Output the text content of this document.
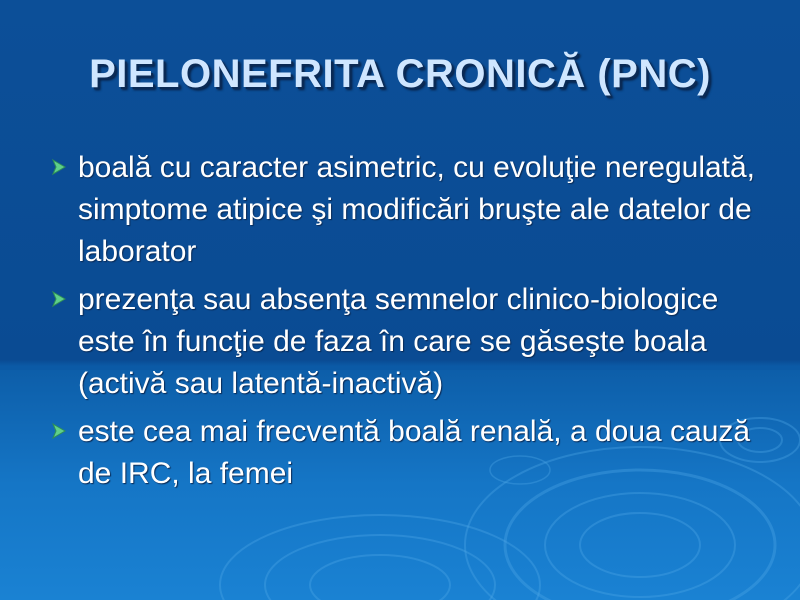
PIELONEFRITA CRONICĂ (PNC)
boală cu caracter asimetric, cu evoluţie neregulată, simptome atipice şi modificări bruşte ale datelor de laborator
prezenţa sau absenţa semnelor clinico-biologice este în funcţie de faza în care se găseşte boala (activă sau latentă-inactivă)
este cea mai frecventă boală renală, a doua cauză de IRC, la femei
